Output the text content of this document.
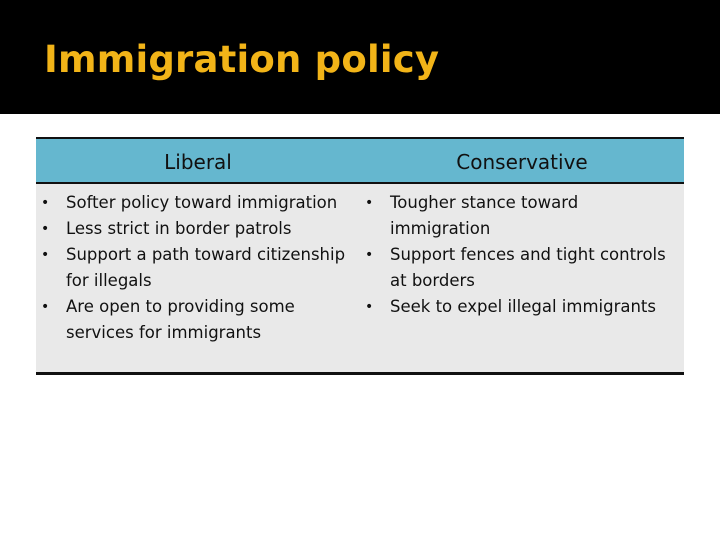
Immigration policy
Liberal	Conservative
• Softer policy toward immigration
• Less strict in border patrols
• Support a path toward citizenship for illegals
• Are open to providing some services for immigrants
• Tougher stance toward immigration
• Support fences and tight controls at borders
• Seek to expel illegal immigrants
